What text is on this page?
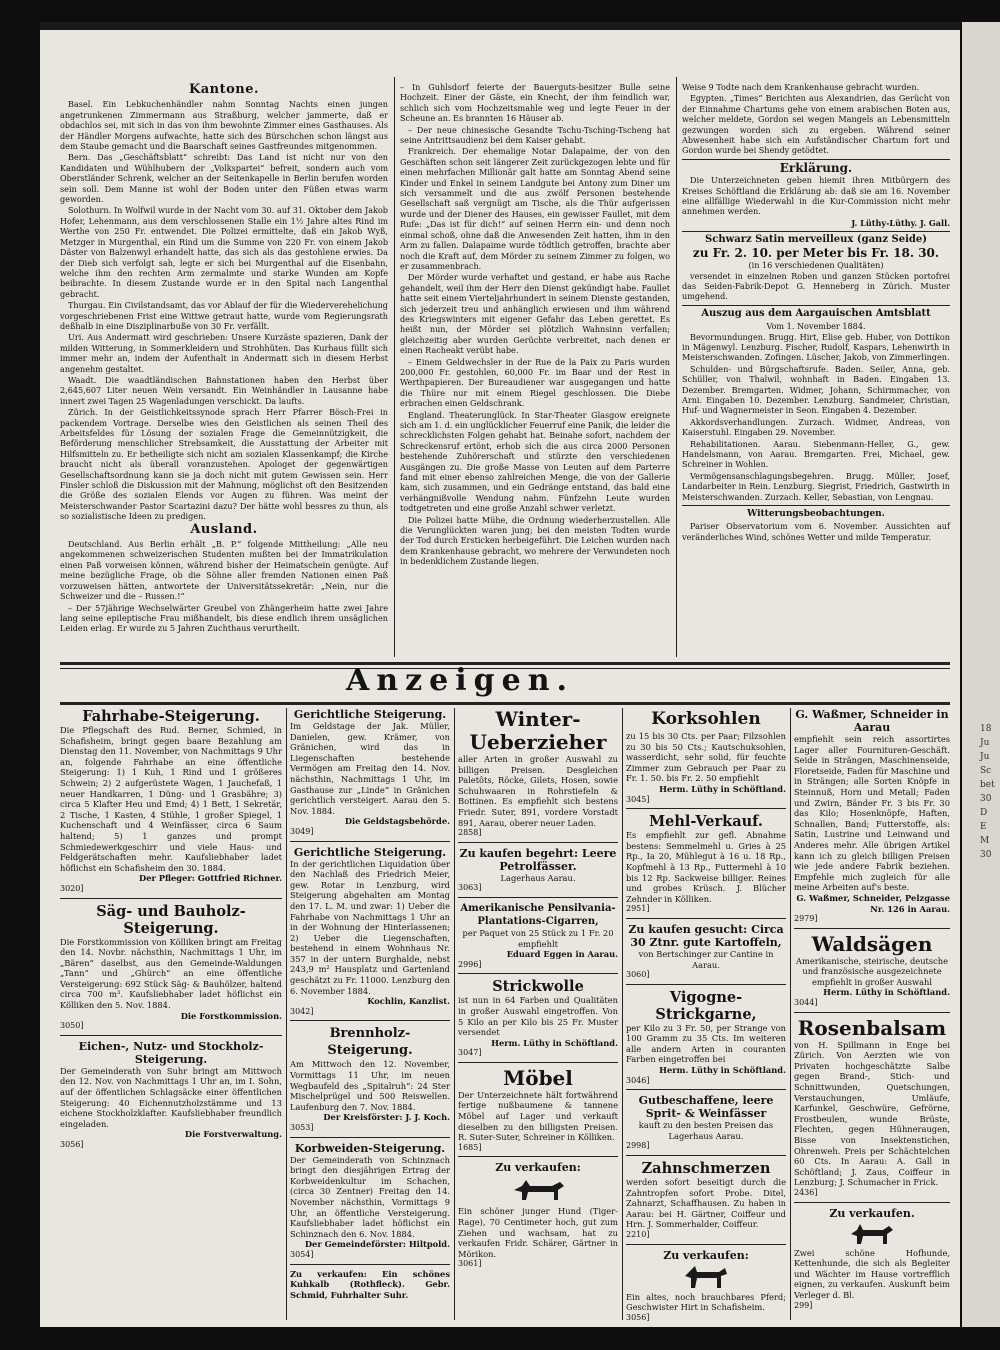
Kantone.

Basel. Ein Lebkuchenhändler nahm Sonntag Nachts einen jungen angetrunkenen Zimmermann aus Straßburg, welcher jammerte, daß er obdachlos sei, mit sich in das von ihm bewohnte Zimmer eines Gasthauses. Als der Händler Morgens aufwachte, hatte sich des Bürschchen schon längst aus dem Staube gemacht und die Baarschaft seines Gastfreundes mitgenommen.

Bern. Das „Geschäftsblatt“ schreibt: Das Land ist nicht nur von den Kandidaten und Wühlhubern der „Volkspartei“ befreit, sondern auch vom Oberstländer Schrenk, welcher an der Seitenkapelle in Berlin berufen worden sein soll. Dem Manne ist wohl der Boden unter den Füßen etwas warm geworden.

Solothurn. In Wolfwil wurde in der Nacht vom 30. auf 31. Oktober dem Jakob Hofer, Lehenmann, aus dem verschlossenen Stalle ein 1½ Jahre altes Rind im Werthe von 250 Fr. entwendet. Die Polizei ermittelte, daß ein Jakob Wyß, Metzger in Murgenthal, ein Rind um die Summe von 220 Fr. von einem Jakob Däster von Balzenwyl erhandelt hatte, das sich als das gestohlene erwies. Da der Dieb sich verfolgt sah, legte er sich bei Murgenthal auf die Eisenbahn, welche ihm den rechten Arm zermalmte und starke Wunden am Kopfe beibrachte. In diesem Zustande wurde er in den Spital nach Langenthal gebracht.

Thurgau. Ein Civilstandsamt, das vor Ablauf der für die Wiederverehelichung vorgeschriebenen Frist eine Wittwe getraut hatte, wurde vom Regierungsrath deßhalb in eine Disziplinarbuße von 30 Fr. verfällt.

Uri. Aus Andermatt wird geschrieben: Unsere Kurzäste spazieren, Dank der milden Witterung, in Sommerkleidern und Strohhüten. Das Kurhaus füllt sich immer mehr an, indem der Aufenthalt in Andermatt sich in diesem Herbst angenehm gestaltet.

Waadt. Die waadtländischen Bahnstationen haben den Herbst über 2,645,607 Liter neuen Wein versandt. Ein Weinhändler in Lausanne habe innert zwei Tagen 25 Wagenladungen verschickt. Da laufts.

Zürich. In der Geistlichkeitssynode sprach Herr Pfarrer Bösch-Frei in packendem Vortrage. Derselbe wies den Geistlichen als seinen Theil des Arbeitsfeldes für Lösung der sozialen Frage die Gemeinnützigkeit, die Beförderung menschlicher Strebsamkeit, die Ausstattung der Arbeiter mit Hilfsmitteln zu. Er betheiligte sich nicht am sozialen Klassenkampf; die Kirche braucht nicht als überall voranzustehen. Apologet der gegenwärtigen Gesellschaftsordnung kann sie ja doch nicht mit gutem Gewissen sein. Herr Finsler schloß die Diskussion mit der Mahnung, möglichst oft den Besitzenden die Größe des sozialen Elends vor Augen zu führen. Was meint der Meisterschwander Pastor Scartazini dazu? Der hätte wohl bessres zu thun, als so sozialistische Ideen zu predigen.

Ausland.

Deutschland. Aus Berlin erhält „B. P.“ folgende Mittheilung: „Alle neu angekommenen schweizerischen Studenten mußten bei der Immatrikulation einen Paß vorweisen können, während bisher der Heimatschein genügte. Auf meine bezügliche Frage, ob die Söhne aller fremden Nationen einen Paß vorzuweisen hätten, antwortete der Universitätssekretär: „Nein, nur die Schweizer und die – Russen.!“

– Der 57jährige Wechselwärter Greubel von Zhängerheim hatte zwei Jahre lang seine epileptische Frau mißhandelt, bis diese endlich ihrem unsäglichen Leiden erlag. Er wurde zu 5 Jahren Zuchthaus verurtheilt.

– In Guhlsdorf feierte der Bauerguts-besitzer Bulle seine Hochzeit. Einer der Gäste, ein Knecht, der ihm feindlich war, schlich sich vom Hochzeitsmahle weg und legte Feuer in der Scheune an. Es brannten 16 Häuser ab.

– Der neue chinesische Gesandte Tschu-Tsching-Tscheng hat seine Antrittsaudienz bei dem Kaiser gehabt.

Frankreich. Der ehemalige Notar Dalapaime, der von den Geschäften schon seit längerer Zeit zurückgezogen lebte und für einen mehrfachen Millionär galt hatte am Sonntag Abend seine Kinder und Enkel in seinem Landgute bei Antony zum Diner um sich versammelt und die aus zwölf Personen bestehende Gesellschaft saß vergnügt am Tische, als die Thür aufgerissen wurde und der Diener des Hauses, ein gewisser Faullet, mit dem Rufe: „Das ist für dich!“ auf seinen Herrn ein- und denn noch einmal schoß, ohne daß die Anwesenden Zeit hatten, ihm in den Arm zu fallen. Dalapaime wurde tödtlich getroffen, brachte aber noch die Kraft auf, dem Mörder zu seinem Zimmer zu folgen, wo er zusammenbrach.

Der Mörder wurde verhaftet und gestand, er habe aus Rache gehandelt, weil ihm der Herr den Dienst gekündigt habe. Faullet hatte seit einem Vierteljahrhundert in seinem Dienste gestanden, sich jederzeit treu und anhänglich erwiesen und ihm während des Kriegswinters mit eigener Gefahr das Leben gerettet. Es heißt nun, der Mörder sei plötzlich Wahnsinn verfallen; gleichzeitig aber wurden Gerüchte verbreitet, nach denen er einen Racheakt verübt habe.

– Einem Geldwechsler in der Rue de la Paix zu Paris wurden 200,000 Fr. gestohlen, 60,000 Fr. im Baar und der Rest in Werthpapieren. Der Bureaudiener war ausgegangen und hatte die Thüre nur mit einem Riegel geschlossen. Die Diebe erbrachen einen Geldschrank.

England. Theaterunglück. In Star-Theater Glasgow ereignete sich am 1. d. ein unglücklicher Feuerruf eine Panik, die leider die schrecklichsten Folgen gehabt hat. Beinahe sofort, nachdem der Schreckensruf ertönt, erhob sich die aus circa 2000 Personen bestehende Zuhörerschaft und stürzte den verschiedenen Ausgängen zu. Die große Masse von Leuten auf dem Parterre fand mit einer ebenso zahlreichen Menge, die von der Gallerie kam, sich zusammen, und ein Gedränge entstand, das bald eine verhängnißvolle Wendung nahm. Fünfzehn Leute wurden todtgetreten und eine große Anzahl schwer verletzt.

Die Polizei hatte Mühe, die Ordnung wiederherzustellen. Alle die Verunglückten waren jung; bei den meisten Todten wurde der Tod durch Ersticken herbeigeführt. Die Leichen wurden nach dem Krankenhause gebracht, wo mehrere der Verwundeten noch in bedenklichem Zustande liegen.

Weise 9 Todte nach dem Krankenhause gebracht wurden.

Egypten. „Times“ Berichten aus Alexandrien, das Gerücht von der Einnahme Chartums gehe von einem arabischen Boten aus, welcher meldete, Gordon sei wegen Mangels an Lebensmitteln gezwungen worden sich zu ergeben. Während seiner Abwesenheit habe sich ein Aufständischer Chartum fort und Gordon wurde bei Shendy getödtet.

Erklärung.

Die Unterzeichneten geben hiemit ihren Mitbürgern des Kreises Schöftland die Erklärung ab: daß sie am 16. November eine allfällige Wiederwahl in die Kur-Commission nicht mehr annehmen werden.

J. Lüthy-Lüthy. J. Gall.
Schwarz Satin merveilleux (ganz Seide)
zu Fr. 2. 10. per Meter bis Fr. 18. 30.
(in 16 verschiedenen Qualitäten)

versendet in einzelnen Roben und ganzen Stücken portofrei das Seiden-Fabrik-Depot G. Henneberg in Zürich. Muster umgehend.

Auszug aus dem Aargauischen Amtsblatt
Vom 1. November 1884.

Bevormundungen. Brugg. Hirt, Elise geb. Huber, von Dottikon in Mägenwyl. Lenzburg. Fischer, Rudolf, Kaspars, Lehenwirth in Meisterschwanden. Zofingen. Lüscher, Jakob, von Zimmerlingen.

Schulden- und Bürgschaftsrufe. Baden. Seiler, Anna, geb. Schüller, von Thalwil, wohnhaft in Baden. Eingaben 13. Dezember. Bremgarten. Widmer, Johann, Schirmmacher, von Arni. Eingaben 10. Dezember. Lenzburg. Sandmeier, Christian, Huf- und Wagnermeister in Seon. Eingaben 4. Dezember.

Akkordsverhandlungen. Zurzach. Widmer, Andreas, von Kaiserstuhl. Eingaben 29. November.

Rehabilitationen. Aarau. Siebenmann-Heller, G., gew. Handelsmann, von Aarau. Bremgarten. Frei, Michael, gew. Schreiner in Wohlen.

Vermögensanschlagungsbegehren. Brugg. Müller, Josef, Landarbeiter in Rein. Lenzburg. Siegrist, Friedrich, Gastwirth in Meisterschwanden. Zurzach. Keller, Sebastian, von Lengnau.

Witterungsbeobachtungen.

Pariser Observatorium vom 6. November. Aussichten auf veränderliches Wind, schönes Wetter und milde Temperatur.

Anzeigen.
Fahrhabe-Steigerung.
Die Pflegschaft des Rud. Berner, Schmied, in Schafisheim, bringt gegen baare Bezahlung am Dienstag den 11. November, von Nachmittags 9 Uhr an, folgende Fahrhabe an eine öffentliche Steigerung: 1) 1 Kuh, 1 Rind und 1 größeres Schwein; 2) 2 aufgerüstete Wagen, 1 Jauchefaß, 1 neuer Handkarren, 1 Düng- und 1 Grasbähre; 3) circa 5 Klafter Heu und Emd; 4) 1 Bett, 1 Sekretär, 2 Tische, 1 Kasten, 4 Stühle, 1 großer Spiegel, 1 Kuchenschaft und 4 Weinfässer, circa 6 Saum haltend; 5) 1 ganzes und prompt Schmiedewerkgeschirr und viele Haus- und Feldgerätschaften mehr. Kaufsliebhaber ladet höflichst ein Schafisheim den 30. 1884.
Der Pfleger: Gottfried Richner.
3020]
Säg- und Bauholz-Steigerung.
Die Forstkommission von Kölliken bringt am Freitag den 14. Novbr. nächsthin, Nachmittags 1 Uhr, im „Bären“ daselbst, aus den Gemeinde-Waldungen „Tann“ und „Ghürch“ an eine öffentliche Versteigerung: 692 Stück Säg- & Bauhölzer, haltend circa 700 m³. Kaufsliebhaber ladet höflichst ein Kölliken den 5. Nov. 1884.
Die Forstkommission.
3050]
Eichen-, Nutz- und Stockholz-Steigerung.
Der Gemeinderath von Suhr bringt am Mittwoch den 12. Nov. von Nachmittags 1 Uhr an, im I. Sohn, auf der öffentlichen Schlagsäcke einer öffentlichen Steigerung: 40 Eichennutzholzstämme und 13 eichene Stockholzklafter. Kaufsliebhaber freundlich eingeladen.
Die Forstverwaltung.
3056]
Gerichtliche Steigerung.
Im Geldstage der Jak. Müller, Danielen, gew. Krämer, von Gränichen, wird das in Liegenschaften bestehende Vermögen am Freitag den 14. Nov. nächsthin, Nachmittags 1 Uhr, im Gasthause zur „Linde“ in Gränichen gerichtlich versteigert. Aarau den 5. Nov. 1884.
Die Geldstagsbehörde.
3049]
Gerichtliche Steigerung.
In der gerichtlichen Liquidation über den Nachlaß des Friedrich Meier, gew. Rotar in Lenzburg, wird Steigerung abgehalten am Montag den 17. L. M. und zwar: 1) Ueber die Fahrhabe von Nachmittags 1 Uhr an in der Wohnung der Hinterlassenen; 2) Ueber die Liegenschaften, bestehend in einem Wohnhaus Nr. 357 in der untern Burghalde, nebst 243,9 m² Hausplatz und Gartenland geschätzt zu Fr. 11000. Lenzburg den 6. November 1884.
Kochlin, Kanzlist.
3042]
Brennholz-Steigerung.
Am Mittwoch den 12. November, Vormittags 11 Uhr, im neuen Wegbaufeld des „Spitalruh“: 24 Ster Mischelprügel und 500 Reiswellen. Laufenburg den 7. Nov. 1884.
Der Kreisförster: J. J. Koch.
3053]
Korbweiden-Steigerung.
Der Gemeinderath von Schinznach bringt den diesjährigen Ertrag der Korbweidenkultur im Schachen, (circa 30 Zentner) Freitag den 14. November nächsthin, Vormittags 9 Uhr, an öffentliche Versteigerung. Kaufsliebhaber ladet höflichst ein Schinznach den 6. Nov. 1884.
Der Gemeindeförster: Hiltpold.
3054]
Zu verkaufen: Ein schönes Kuhkalb (Rothfleck). Gebr. Schmid, Fuhrhalter Suhr.
Winter-Ueberzieher
aller Arten in großer Auswahl zu billigen Preisen. Desgleichen Paletôts, Röcke, Gilets, Hosen, sowie Schuhwaaren in Rohrstiefeln & Bottinen. Es empfiehlt sich bestens Friedr. Suter, 891, vordere Vorstadt 891, Aarau, oberer neuer Laden.
2858]
Zu kaufen begehrt: Leere Petrolfässer.
Lagerhaus Aarau.
3063]
Amerikanische Pensilvania-Plantations-Cigarren,
per Paquet von 25 Stück zu 1 Fr. 20 empfiehlt
Eduard Eggen in Aarau.
2996]
Strickwolle
ist nun in 64 Farben und Qualitäten in großer Auswahl eingetroffen. Von 5 Kilo an per Kilo bis 25 Fr. Muster versendet
Herm. Lüthy in Schöftland.
3047]
Möbel
Der Unterzeichnete hält fortwährend fertige nußbaumene & tannene Möbel auf Lager und verkauft dieselben zu den billigsten Preisen. R. Suter-Suter, Schreiner in Kölliken.
1685]
Zu verkaufen:
Ein schöner junger Hund (Tiger-Rage), 70 Centimeter hoch, gut zum Ziehen und wachsam, hat zu verkaufen Fridr. Schärer, Gärtner in Mörikon.
3061]
Korksohlen
zu 15 bis 30 Cts. per Paar; Filzsohlen zu 30 bis 50 Cts.; Kautschuksohlen, wasserdicht, sehr solid, für feuchte Zimmer zum Gebrauch per Paar zu Fr. 1. 50. bis Fr. 2. 50 empfiehlt
Herm. Lüthy in Schöftland.
3045]
Mehl-Verkauf.
Es empfiehlt zur gefl. Abnahme bestens: Semmelmehl u. Gries à 25 Rp., Ia 20, Mühlegut à 16 u. 18 Rp., Kopfmehl à 13 Rp., Futtermehl à 10 bis 12 Rp. Sackweise billiger. Reines und grobes Krüsch. J. Blücher Zehnder in Kölliken.
2951]
Zu kaufen gesucht: Circa 30 Ztnr. gute Kartoffeln,
von Bertschinger zur Cantine in Aarau.
3060]
Vigogne-Strickgarne,
per Kilo zu 3 Fr. 50, per Strange von 100 Gramm zu 35 Cts. Im weiteren alle andern Arten in couranten Farben eingetroffen bei
Herm. Lüthy in Schöftland.
3046]
Gutbeschaffene, leere Sprit- & Weinfässer
kauft zu den besten Preisen das Lagerhaus Aarau.
2998]
Zahnschmerzen
werden sofort beseitigt durch die Zahntropfen sofort Probe. Ditel, Zahnarzt, Schaffhausen. Zu haben in Aarau: bei H. Gärtner, Coiffeur und Hrn. J. Sommerhalder, Coiffeur.
2210]
Zu verkaufen:
Ein altes, noch brauchbares Pferd; Geschwister Hirt in Schafisheim.
3056]
G. Waßmer, Schneider in Aarau
empfiehlt sein reich assortirtes Lager aller Fournituren-Geschäft. Seide in Strängen, Maschinenseide, Floretseide, Faden für Maschine und in Strängen; alle Sorten Knöpfe in Steinnuß, Horn und Metall; Faden und Zwirn, Bänder Fr. 3 bis Fr. 30 das Kilo; Hosenknöpfe, Haften, Schnallen, Band; Futterstoffe, als: Satin, Lustrine und Leinwand und Anderes mehr. Alle übrigen Artikel kann ich zu gleich billigen Preisen wie jede andere Fabrik beziehen. Empfehle mich zugleich für alle meine Arbeiten auf's beste.
G. Waßmer, Schneider, Pelzgasse Nr. 126 in Aarau.
2979]
Waldsägen
Amerikanische, steirische, deutsche und französische ausgezeichnete empfiehlt in großer Auswahl
Herm. Lüthy in Schöftland.
3044]
Rosenbalsam
von H. Spillmann in Enge bei Zürich. Von Aerzten wie von Privaten hochgeschätzte Salbe gegen Brand-, Stich- und Schnittwunden, Quetschungen, Verstauchungen, Umläufe, Karfunkel, Geschwüre, Gefrörne, Frostbeulen, wunde Brüste, Flechten, gegen Hühneraugen, Bisse von Insektenstichen, Ohrenweh. Preis per Schächtelchen 60 Cts. In Aarau: A. Gall in Schöftland; J. Zaus, Coiffeur in Lenzburg; J. Schumacher in Frick.
2436]
Zu verkaufen.
Zwei schöne Hofhunde, Kettenhunde, die sich als Begleiter und Wächter im Hause vortrefflich eignen, zu verkaufen. Auskunft beim Verleger d. Bl.
299]
18
Ju
Ju
Sc
bet
30
D
E
M
30
